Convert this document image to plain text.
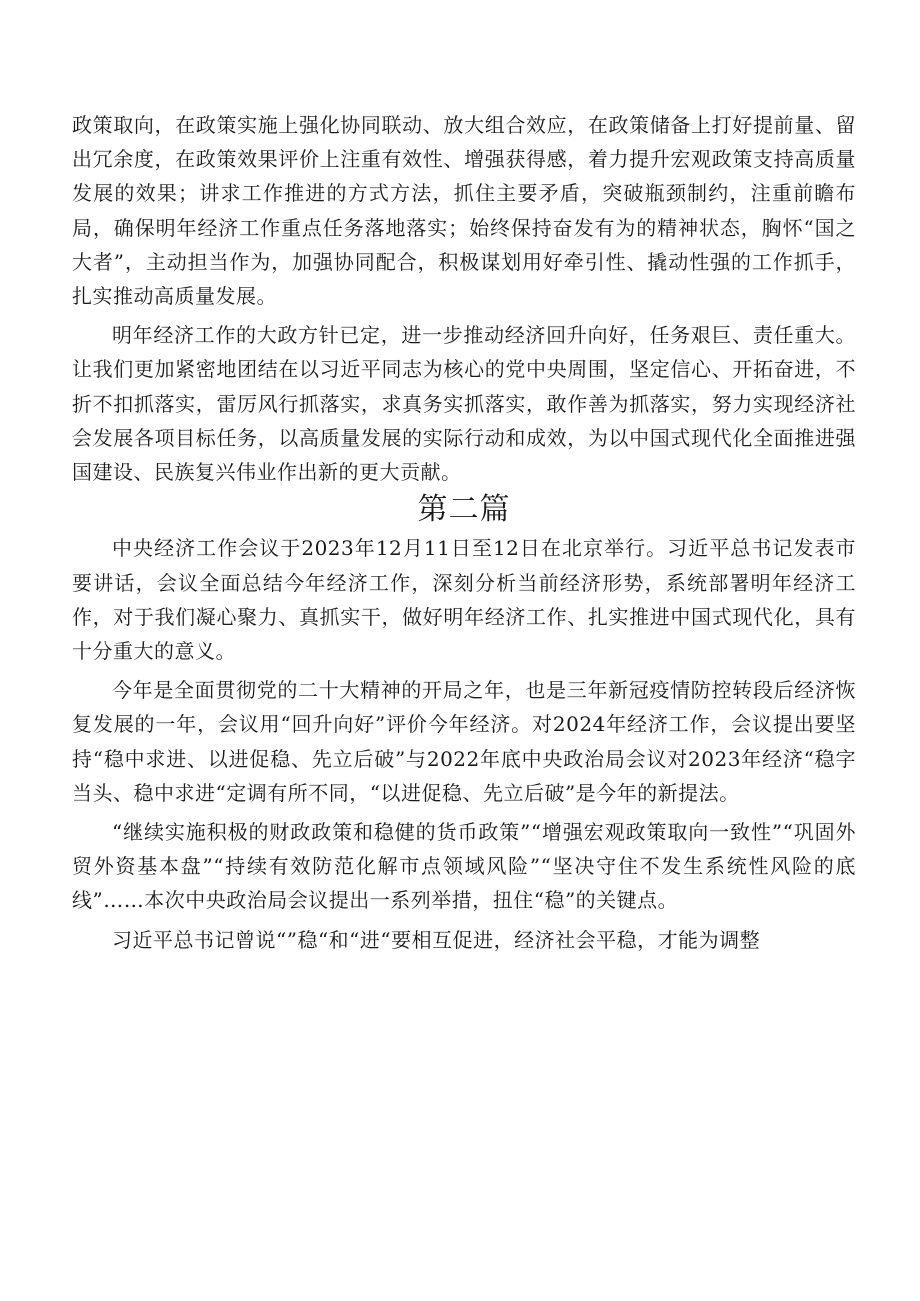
政策取向，在政策实施上强化协同联动、放大组合效应，在政策储备上打好提前量、留出冗余度，在政策效果评价上注重有效性、增强获得感，着力提升宏观政策支持高质量发展的效果；讲求工作推进的方式方法，抓住主要矛盾，突破瓶颈制约，注重前瞻布局，确保明年经济工作重点任务落地落实；始终保持奋发有为的精神状态，胸怀“国之大者”，主动担当作为，加强协同配合，积极谋划用好牵引性、撬动性强的工作抓手，扎实推动高质量发展。

明年经济工作的大政方针已定，进一步推动经济回升向好，任务艰巨、责任重大。让我们更加紧密地团结在以习近平同志为核心的党中央周围，坚定信心、开拓奋进，不折不扣抓落实，雷厉风行抓落实，求真务实抓落实，敢作善为抓落实，努力实现经济社会发展各项目标任务，以高质量发展的实际行动和成效，为以中国式现代化全面推进强国建设、民族复兴伟业作出新的更大贡献。

第二篇

中央经济工作会议于2023年12月11日至12日在北京举行。习近平总书记发表市要讲话，会议全面总结今年经济工作，深刻分析当前经济形势，系统部署明年经济工作，对于我们凝心聚力、真抓实干，做好明年经济工作、扎实推进中国式现代化，具有十分重大的意义。

今年是全面贯彻党的二十大精神的开局之年，也是三年新冠疫情防控转段后经济恢复发展的一年，会议用“回升向好”评价今年经济。对2024年经济工作，会议提出要坚持“稳中求进、以进促稳、先立后破”与2022年底中央政治局会议对2023年经济“稳字当头、稳中求进“定调有所不同，“以进促稳、先立后破”是今年的新提法。

“继续实施积极的财政政策和稳健的货币政策”“增强宏观政策取向一致性”“巩固外贸外资基本盘”“持续有效防范化解市点领域风险”“坚决守住不发生系统性风险的底线”……本次中央政治局会议提出一系列举措，扭住“稳”的关键点。

习近平总书记曾说“”稳“和“进“要相互促进，经济社会平稳，才能为调整
